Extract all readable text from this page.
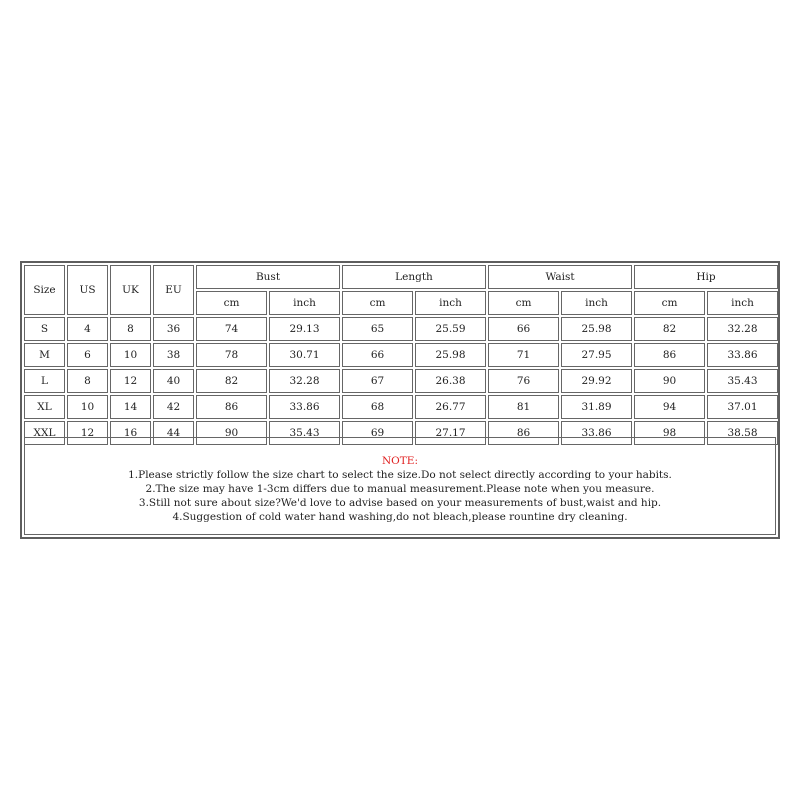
Size	US	UK	EU	Bust		Length		Waist		Hip	
				cm	inch	cm	inch	cm	inch	cm	inch
S	4	8	36	74	29.13	65	25.59	66	25.98	82	32.28
M	6	10	38	78	30.71	66	25.98	71	27.95	86	33.86
L	8	12	40	82	32.28	67	26.38	76	29.92	90	35.43
XL	10	14	42	86	33.86	68	26.77	81	31.89	94	37.01
XXL	12	16	44	90	35.43	69	27.17	86	33.86	98	38.58
NOTE:
1.Please strictly follow the size chart to select the size.Do not select directly according to your habits.
2.The size may have 1-3cm differs due to manual measurement.Please note when you measure.
3.Still not sure about size?We'd love to advise based on your measurements of bust,waist and hip.
4.Suggestion of cold water hand washing,do not bleach,please rountine dry cleaning.
